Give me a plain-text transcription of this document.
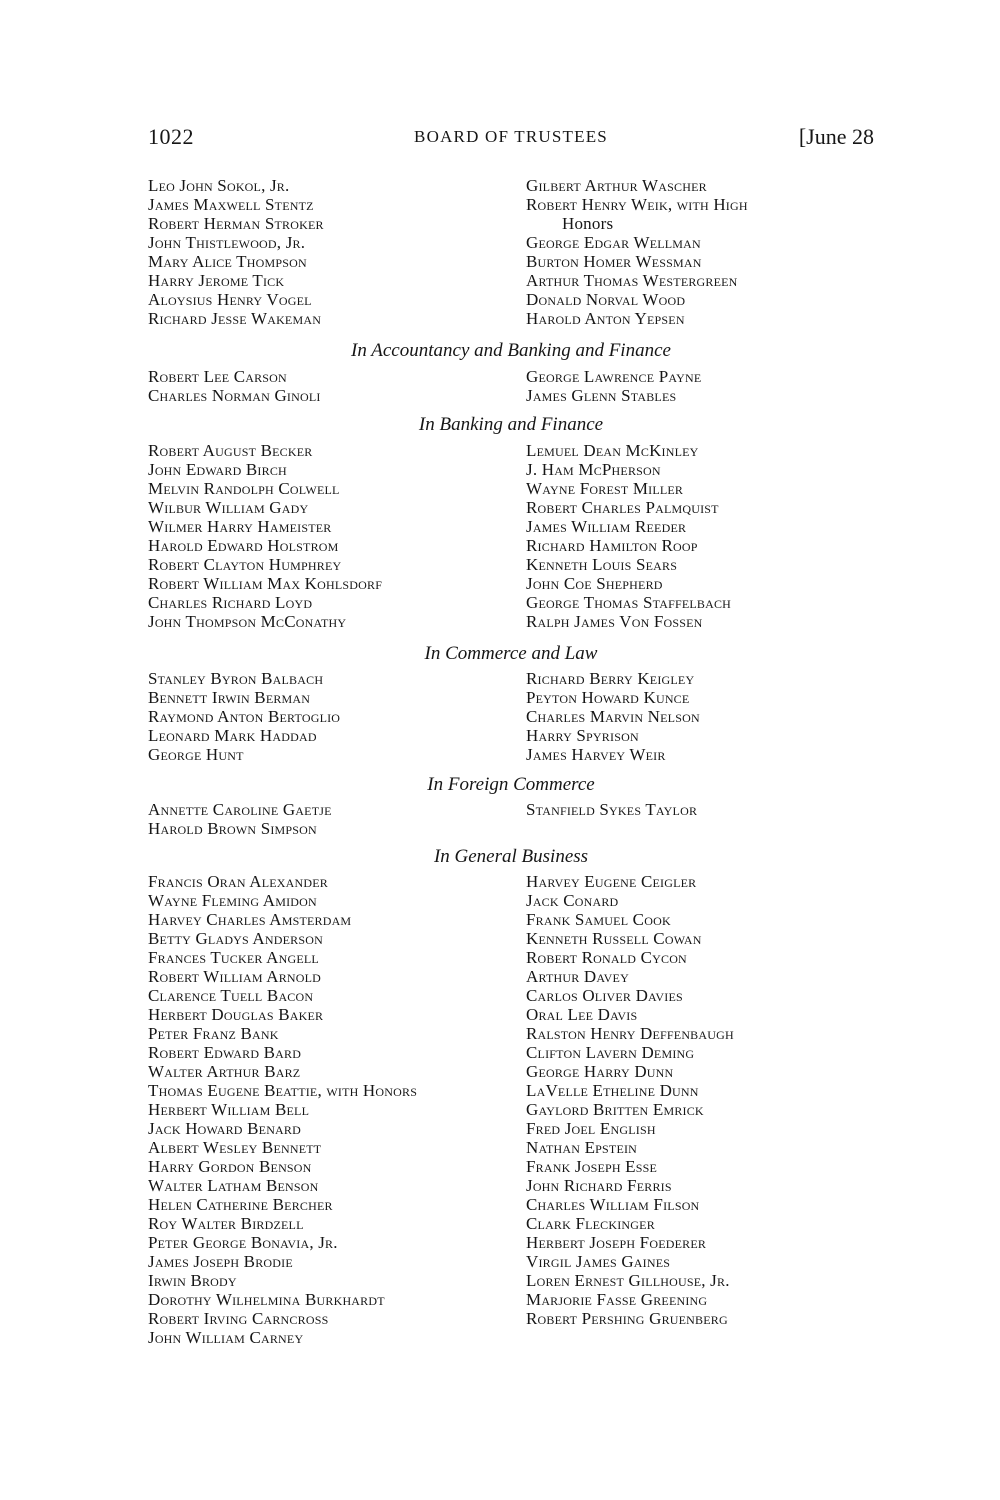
1022	BOARD OF TRUSTEES	[June 28
Leo John Sokol, Jr.
James Maxwell Stentz
Robert Herman Stroker
John Thistlewood, Jr.
Mary Alice Thompson
Harry Jerome Tick
Aloysius Henry Vogel
Richard Jesse Wakeman
Gilbert Arthur Wascher
Robert Henry Weik, with High
Honors
George Edgar Wellman
Burton Homer Wessman
Arthur Thomas Westergreen
Donald Norval Wood
Harold Anton Yepsen
In Accountancy and Banking and Finance
Robert Lee Carson
Charles Norman Ginoli
George Lawrence Payne
James Glenn Stables
In Banking and Finance
Robert August Becker
John Edward Birch
Melvin Randolph Colwell
Wilbur William Gady
Wilmer Harry Hameister
Harold Edward Holstrom
Robert Clayton Humphrey
Robert William Max Kohlsdorf
Charles Richard Loyd
John Thompson McConathy
Lemuel Dean McKinley
J. Ham McPherson
Wayne Forest Miller
Robert Charles Palmquist
James William Reeder
Richard Hamilton Roop
Kenneth Louis Sears
John Coe Shepherd
George Thomas Staffelbach
Ralph James Von Fossen
In Commerce and Law
Stanley Byron Balbach
Bennett Irwin Berman
Raymond Anton Bertoglio
Leonard Mark Haddad
George Hunt
Richard Berry Keigley
Peyton Howard Kunce
Charles Marvin Nelson
Harry Spyrison
James Harvey Weir
In Foreign Commerce
Annette Caroline Gaetje
Harold Brown Simpson
Stanfield Sykes Taylor
In General Business
Francis Oran Alexander
Wayne Fleming Amidon
Harvey Charles Amsterdam
Betty Gladys Anderson
Frances Tucker Angell
Robert William Arnold
Clarence Tuell Bacon
Herbert Douglas Baker
Peter Franz Bank
Robert Edward Bard
Walter Arthur Barz
Thomas Eugene Beattie, with Honors
Herbert William Bell
Jack Howard Benard
Albert Wesley Bennett
Harry Gordon Benson
Walter Latham Benson
Helen Catherine Bercher
Roy Walter Birdzell
Peter George Bonavia, Jr.
James Joseph Brodie
Irwin Brody
Dorothy Wilhelmina Burkhardt
Robert Irving Carncross
John William Carney
Harvey Eugene Ceigler
Jack Conard
Frank Samuel Cook
Kenneth Russell Cowan
Robert Ronald Cycon
Arthur Davey
Carlos Oliver Davies
Oral Lee Davis
Ralston Henry Deffenbaugh
Clifton Lavern Deming
George Harry Dunn
LaVelle Etheline Dunn
Gaylord Britten Emrick
Fred Joel English
Nathan Epstein
Frank Joseph Esse
John Richard Ferris
Charles William Filson
Clark Fleckinger
Herbert Joseph Foederer
Virgil James Gaines
Loren Ernest Gillhouse, Jr.
Marjorie Fasse Greening
Robert Pershing Gruenberg
